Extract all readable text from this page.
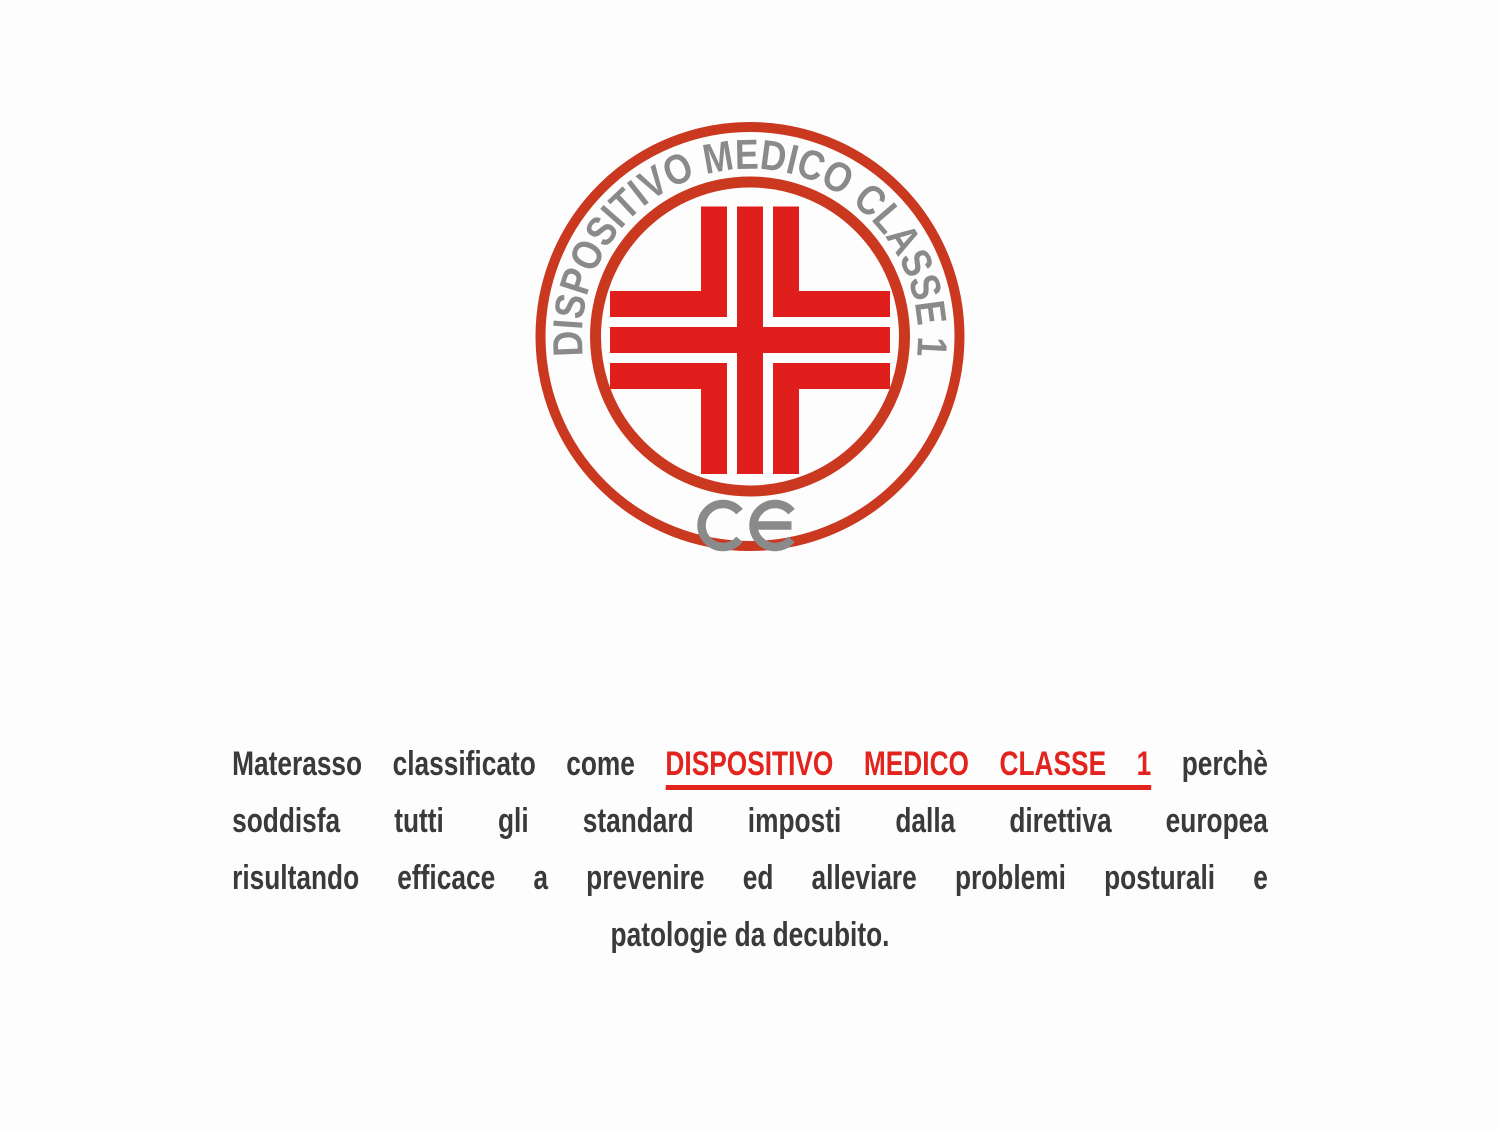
DISPOSITIVO MEDICO CLASSE 1
Materasso classificato come DISPOSITIVO MEDICO CLASSE 1 perchè
soddisfa tutti gli standard imposti dalla direttiva europea
risultando efficace a prevenire ed alleviare problemi posturali e
patologie da decubito.
